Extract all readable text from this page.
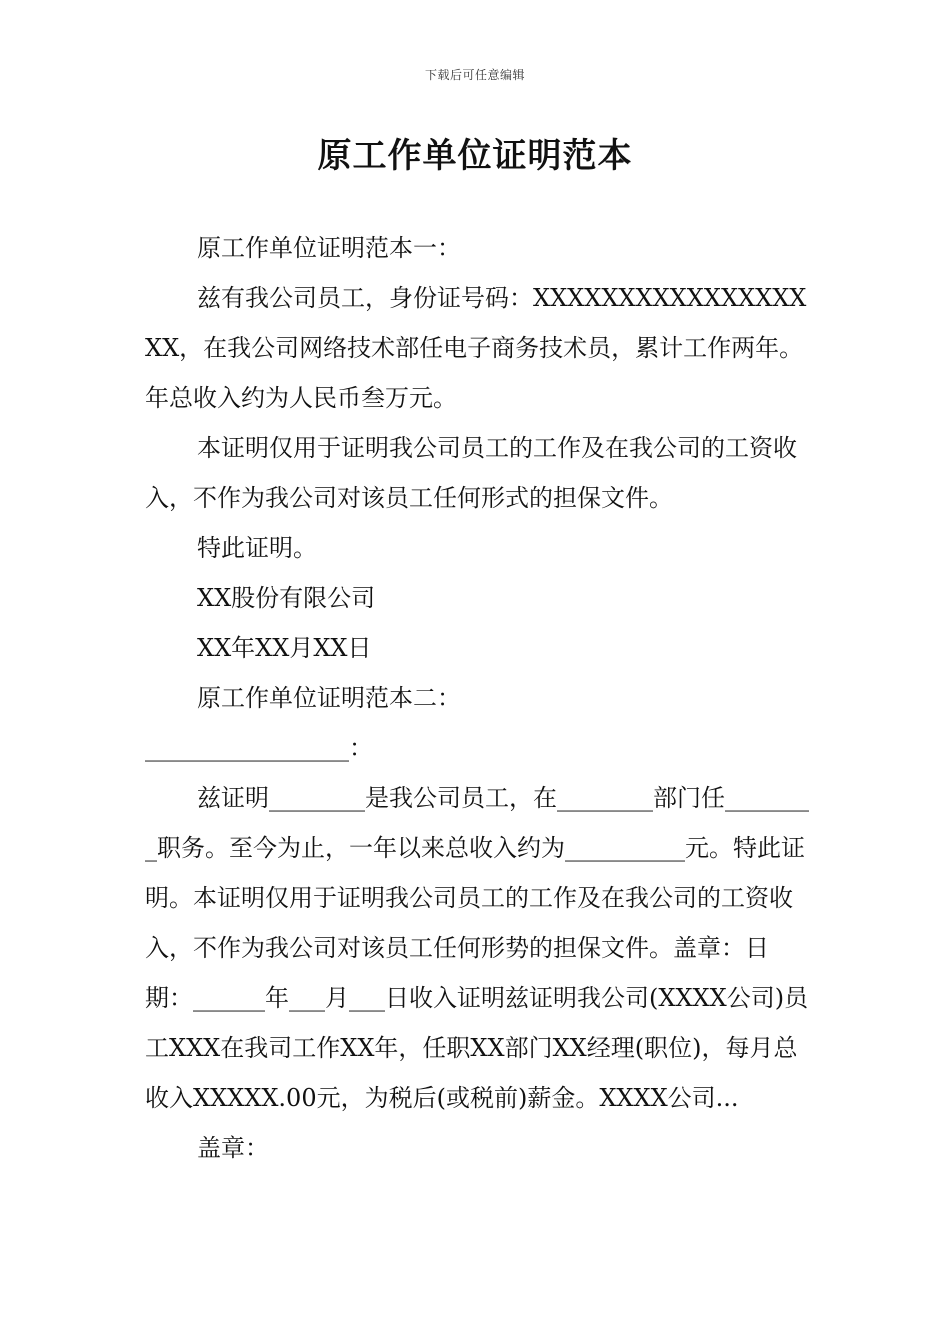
下载后可任意编辑
原工作单位证明范本

原工作单位证明范本一：

兹有我公司员工，身份证号码：XXXXXXXXXXXXXXXXXX，在我公司网络技术部任电子商务技术员，累计工作两年。年总收入约为人民币叁万元。

本证明仅用于证明我公司员工的工作及在我公司的工资收入，不作为我公司对该员工任何形式的担保文件。

特此证明。

XX股份有限公司

XX年XX月XX日

原工作单位证明范本二：

_________________：

兹证明________是我公司员工，在________部门任________职务。至今为止，一年以来总收入约为__________元。特此证明。本证明仅用于证明我公司员工的工作及在我公司的工资收入，不作为我公司对该员工任何形势的担保文件。盖章：日期：______年___月___日收入证明兹证明我公司(XXXX公司)员工XXX在我司工作XX年，任职XX部门XX经理(职位)，每月总收入XXXXX.00元，为税后(或税前)薪金。XXXX公司...

盖章：
